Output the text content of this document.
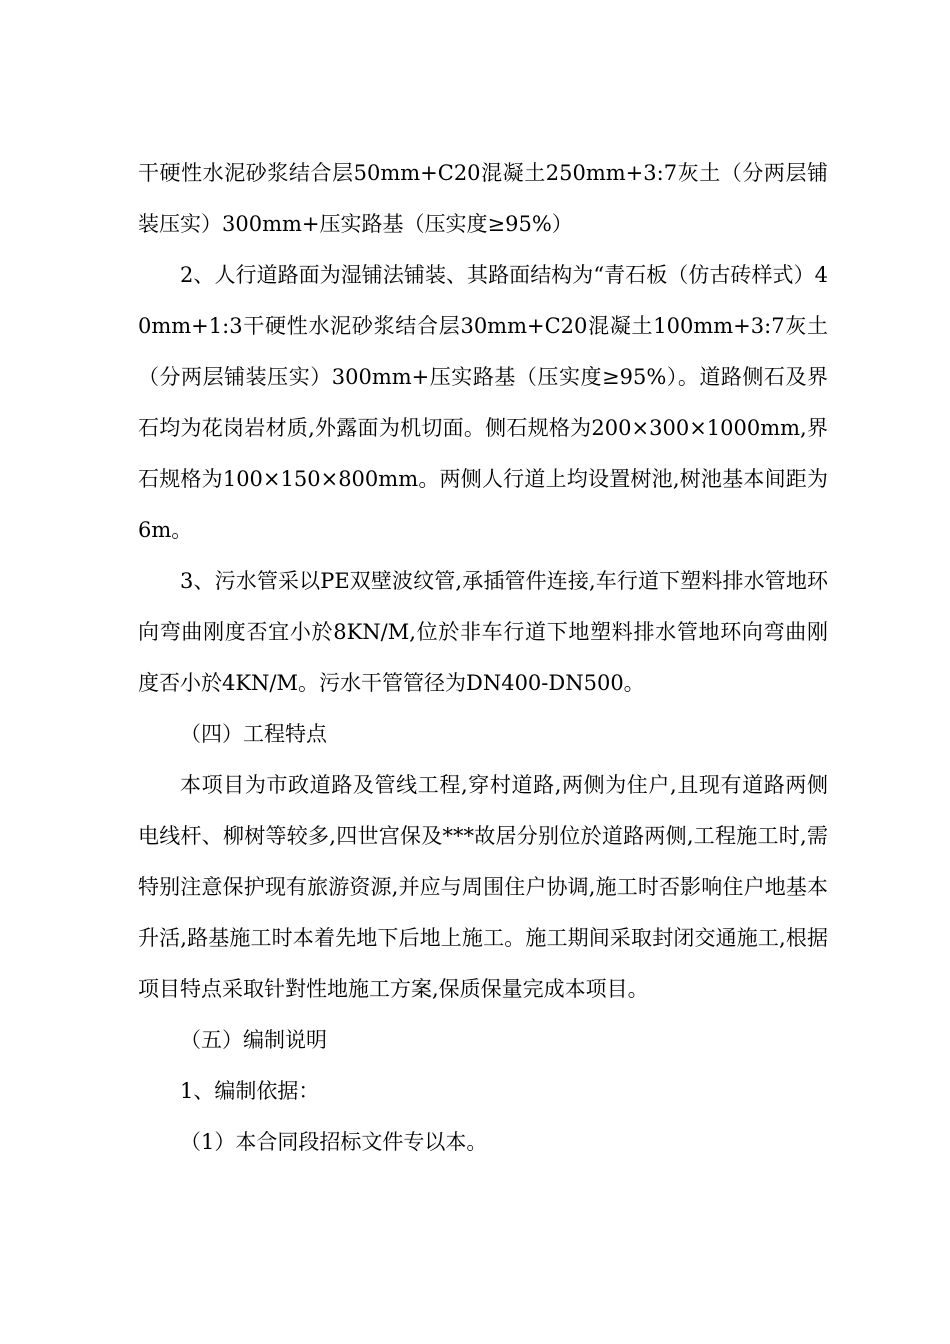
干硬性水泥砂浆结合层50mm+C20混凝土250mm+3:7灰土（分两层铺装压实）300mm+压实路基（压实度≥95%）

2、人行道路面为湿铺法铺装、其路面结构为“青石板（仿古砖样式）40mm+1:3干硬性水泥砂浆结合层30mm+C20混凝土100mm+3:7灰土（分两层铺装压实）300mm+压实路基（压实度≥95%）。道路侧石及界石均为花岗岩材质,外露面为机切面。侧石规格为200×300×1000mm,界石规格为100×150×800mm。两侧人行道上均设置树池,树池基本间距为6m。

3、污水管采以PE双壁波纹管,承插管件连接,车行道下塑料排水管地环向弯曲刚度否宜小於8KN/M,位於非车行道下地塑料排水管地环向弯曲刚度否小於4KN/M。污水干管管径为DN400-DN500。

（四）工程特点

本项目为市政道路及管线工程,穿村道路,两侧为住户,且现有道路两侧电线杆、柳树等较多,四世宫保及***故居分别位於道路两侧,工程施工时,需特别注意保护现有旅游资源,并应与周围住户协调,施工时否影响住户地基本升活,路基施工时本着先地下后地上施工。施工期间采取封闭交通施工,根据项目特点采取针對性地施工方案,保质保量完成本项目。

（五）编制说明

1、编制依据：

（1）本合同段招标文件专以本。
